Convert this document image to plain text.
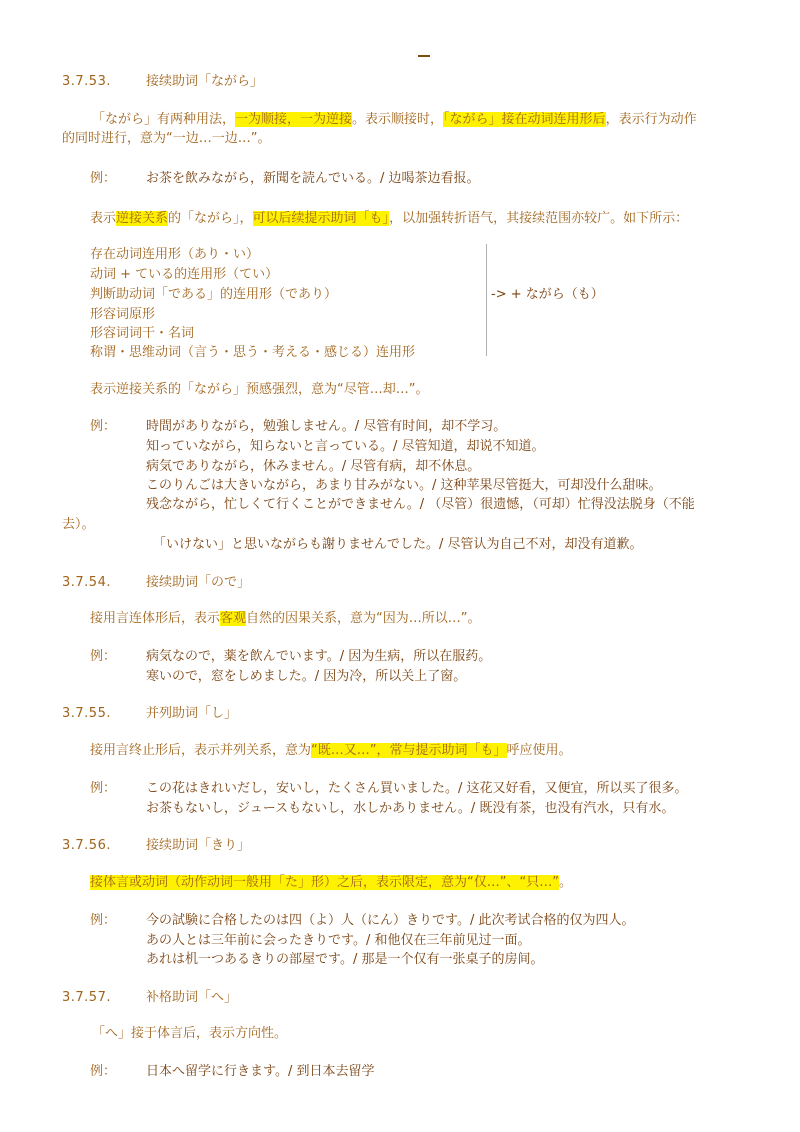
3.7.53.	接续助词「ながら」
「ながら」有两种用法，一为顺接，一为逆接。表示顺接时，「ながら」接在动词连用形后，表示行为动作
的同时进行，意为“一边…一边…”。
例： お茶を飲みながら，新聞を読んでいる。/ 边喝茶边看报。
表示逆接关系的「ながら」，可以后续提示助词「も」，以加强转折语气，其接续范围亦较广。如下所示：
存在动词连用形（あり・い）
动词 + ている的连用形（てい）
判断助动词「である」的连用形（であり）
形容词原形
形容词词干・名词
称谓・思维动词（言う・思う・考える・感じる）连用形
-> + ながら（も）
表示逆接关系的「ながら」预感强烈，意为“尽管…却…”。
例： 時間がありながら，勉強しません。/ 尽管有时间，却不学习。
知っていながら，知らないと言っている。/ 尽管知道，却说不知道。
病気でありながら，休みません。/ 尽管有病，却不休息。
このりんごは大きいながら，あまり甘みがない。/ 这种苹果尽管挺大，可却没什么甜味。
残念ながら，忙しくて行くことができません。/ （尽管）很遗憾，（可却）忙得没法脱身（不能
去）。
「いけない」と思いながらも謝りませんでした。/ 尽管认为自己不对，却没有道歉。
3.7.54.	接续助词「ので」
接用言连体形后，表示客观自然的因果关系，意为“因为…所以…”。
例： 病気なので，薬を飲んでいます。/ 因为生病，所以在服药。
寒いので，窓をしめました。/ 因为冷，所以关上了窗。
3.7.55.	并列助词「し」
接用言终止形后，表示并列关系，意为“既…又…”，常与提示助词「も」呼应使用。
例： この花はきれいだし，安いし，たくさん買いました。/ 这花又好看，又便宜，所以买了很多。
お茶もないし，ジュースもないし，水しかありません。/ 既没有茶，也没有汽水，只有水。
3.7.56.	接续助词「きり」
接体言或动词（动作动词一般用「た」形）之后，表示限定，意为“仅…”、“只…”。
例： 今の試験に合格したのは四（よ）人（にん）きりです。/ 此次考试合格的仅为四人。
あの人とは三年前に会ったきりです。/ 和他仅在三年前见过一面。
あれは机一つあるきりの部屋です。/ 那是一个仅有一张桌子的房间。
3.7.57.	补格助词「へ」
「へ」接于体言后，表示方向性。
例： 日本へ留学に行きます。/ 到日本去留学
